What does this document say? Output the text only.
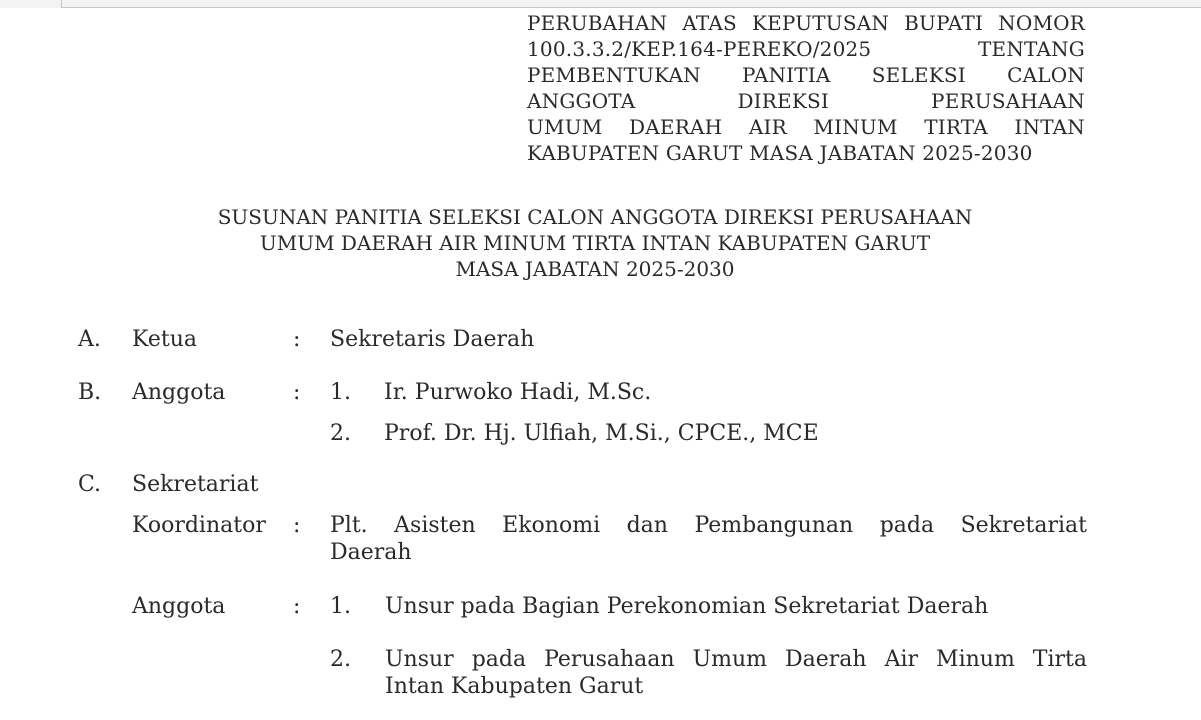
PERUBAHAN ATAS KEPUTUSAN BUPATI NOMOR
100.3.3.2/KEP.164-PEREKO/2025 TENTANG
PEMBENTUKAN PANITIA SELEKSI CALON
ANGGOTA DIREKSI PERUSAHAAN
UMUM DAERAH AIR MINUM TIRTA INTAN
KABUPATEN GARUT MASA JABATAN 2025-2030
SUSUNAN PANITIA SELEKSI CALON ANGGOTA DIREKSI PERUSAHAAN
UMUM DAERAH AIR MINUM TIRTA INTAN KABUPATEN GARUT
MASA JABATAN 2025-2030
A. Ketua	: Sekretaris Daerah
B. Anggota	: 1. Ir. Purwoko Hadi, M.Sc.
2. Prof. Dr. Hj. Ulfiah, M.Si., CPCE., MCE
C. Sekretariat
Koordinator : Plt. Asisten Ekonomi dan Pembangunan pada Sekretariat
Daerah
Anggota	: 1. Unsur pada Bagian Perekonomian Sekretariat Daerah
2. Unsur pada Perusahaan Umum Daerah Air Minum Tirta
Intan Kabupaten Garut
